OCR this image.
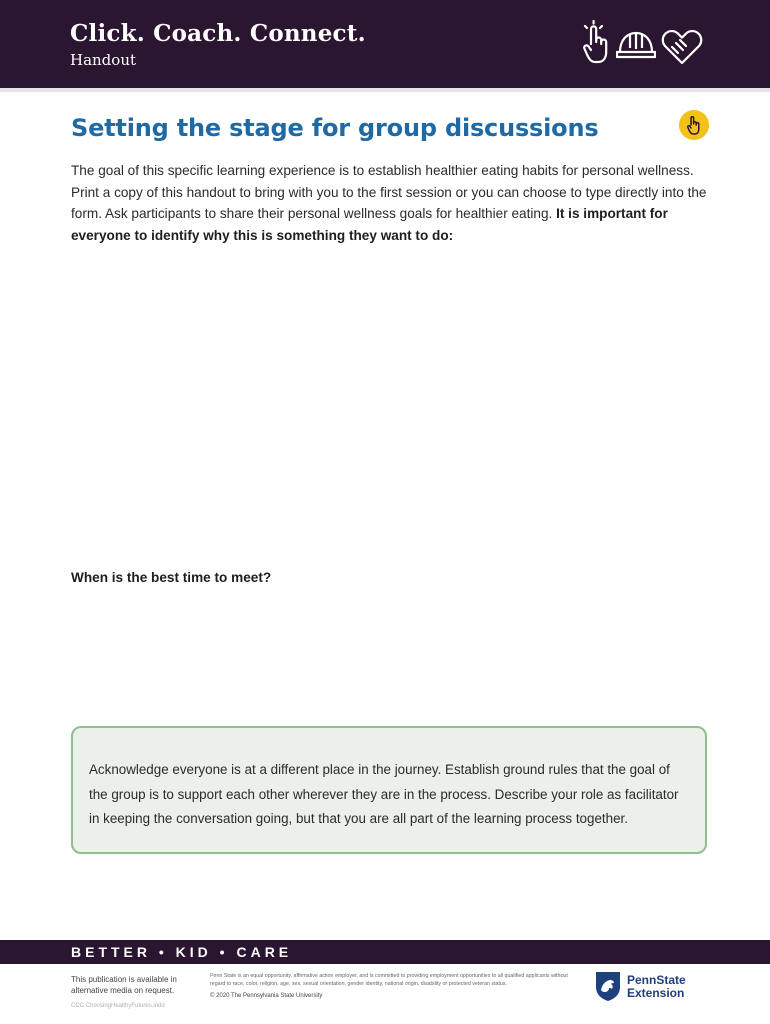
Click. Coach. Connect.
Handout
Setting the stage for group discussions

The goal of this specific learning experience is to establish healthier eating habits for personal wellness. Print a copy of this handout to bring with you to the first session or you can choose to type directly into the form. Ask participants to share their personal wellness goals for healthier eating. It is important for everyone to identify why this is something they want to do:

When is the best time to meet?

Acknowledge everyone is at a different place in the journey. Establish ground rules that the goal of the group is to support each other wherever they are in the process. Describe your role as facilitator in keeping the conversation going, but that you are all part of the learning process together.

BETTER • KID • CARE

This publication is available in alternative media on request.

CCC ChoosingHealthyFutures.indd

Penn State is an equal opportunity, affirmative action employer, and is committed to providing employment opportunities to all qualified applicants without regard to race, color, religion, age, sex, sexual orientation, gender identity, national origin, disability or protected veteran status.

© 2020 The Pennsylvania State University

PennState
Extension
